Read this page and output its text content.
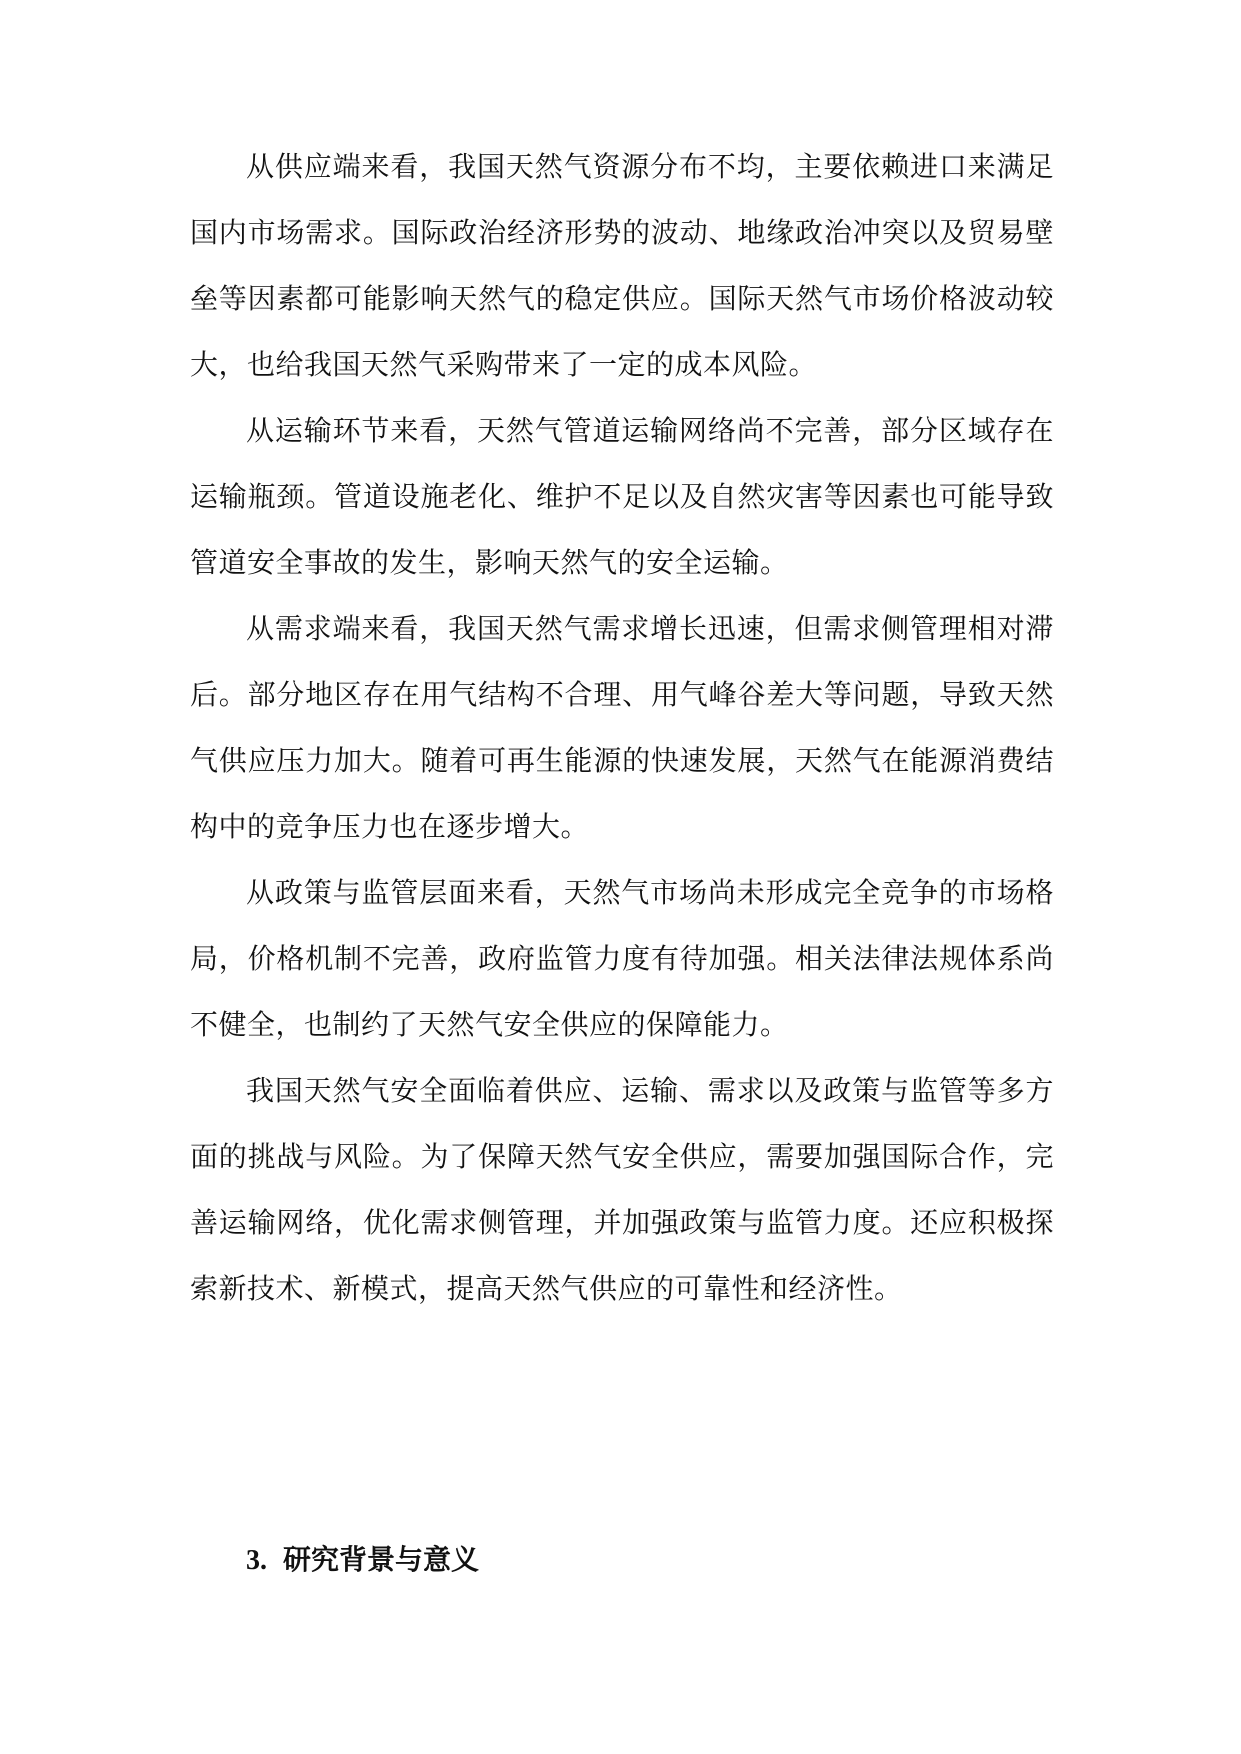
从供应端来看，我国天然气资源分布不均，主要依赖进口来满足国内市场需求。国际政治经济形势的波动、地缘政治冲突以及贸易壁垒等因素都可能影响天然气的稳定供应。国际天然气市场价格波动较大，也给我国天然气采购带来了一定的成本风险。

从运输环节来看，天然气管道运输网络尚不完善，部分区域存在运输瓶颈。管道设施老化、维护不足以及自然灾害等因素也可能导致管道安全事故的发生，影响天然气的安全运输。

从需求端来看，我国天然气需求增长迅速，但需求侧管理相对滞后。部分地区存在用气结构不合理、用气峰谷差大等问题，导致天然气供应压力加大。随着可再生能源的快速发展，天然气在能源消费结构中的竞争压力也在逐步增大。

从政策与监管层面来看，天然气市场尚未形成完全竞争的市场格局，价格机制不完善，政府监管力度有待加强。相关法律法规体系尚不健全，也制约了天然气安全供应的保障能力。

我国天然气安全面临着供应、运输、需求以及政策与监管等多方面的挑战与风险。为了保障天然气安全供应，需要加强国际合作，完善运输网络，优化需求侧管理，并加强政策与监管力度。还应积极探索新技术、新模式，提高天然气供应的可靠性和经济性。

3. 研究背景与意义
